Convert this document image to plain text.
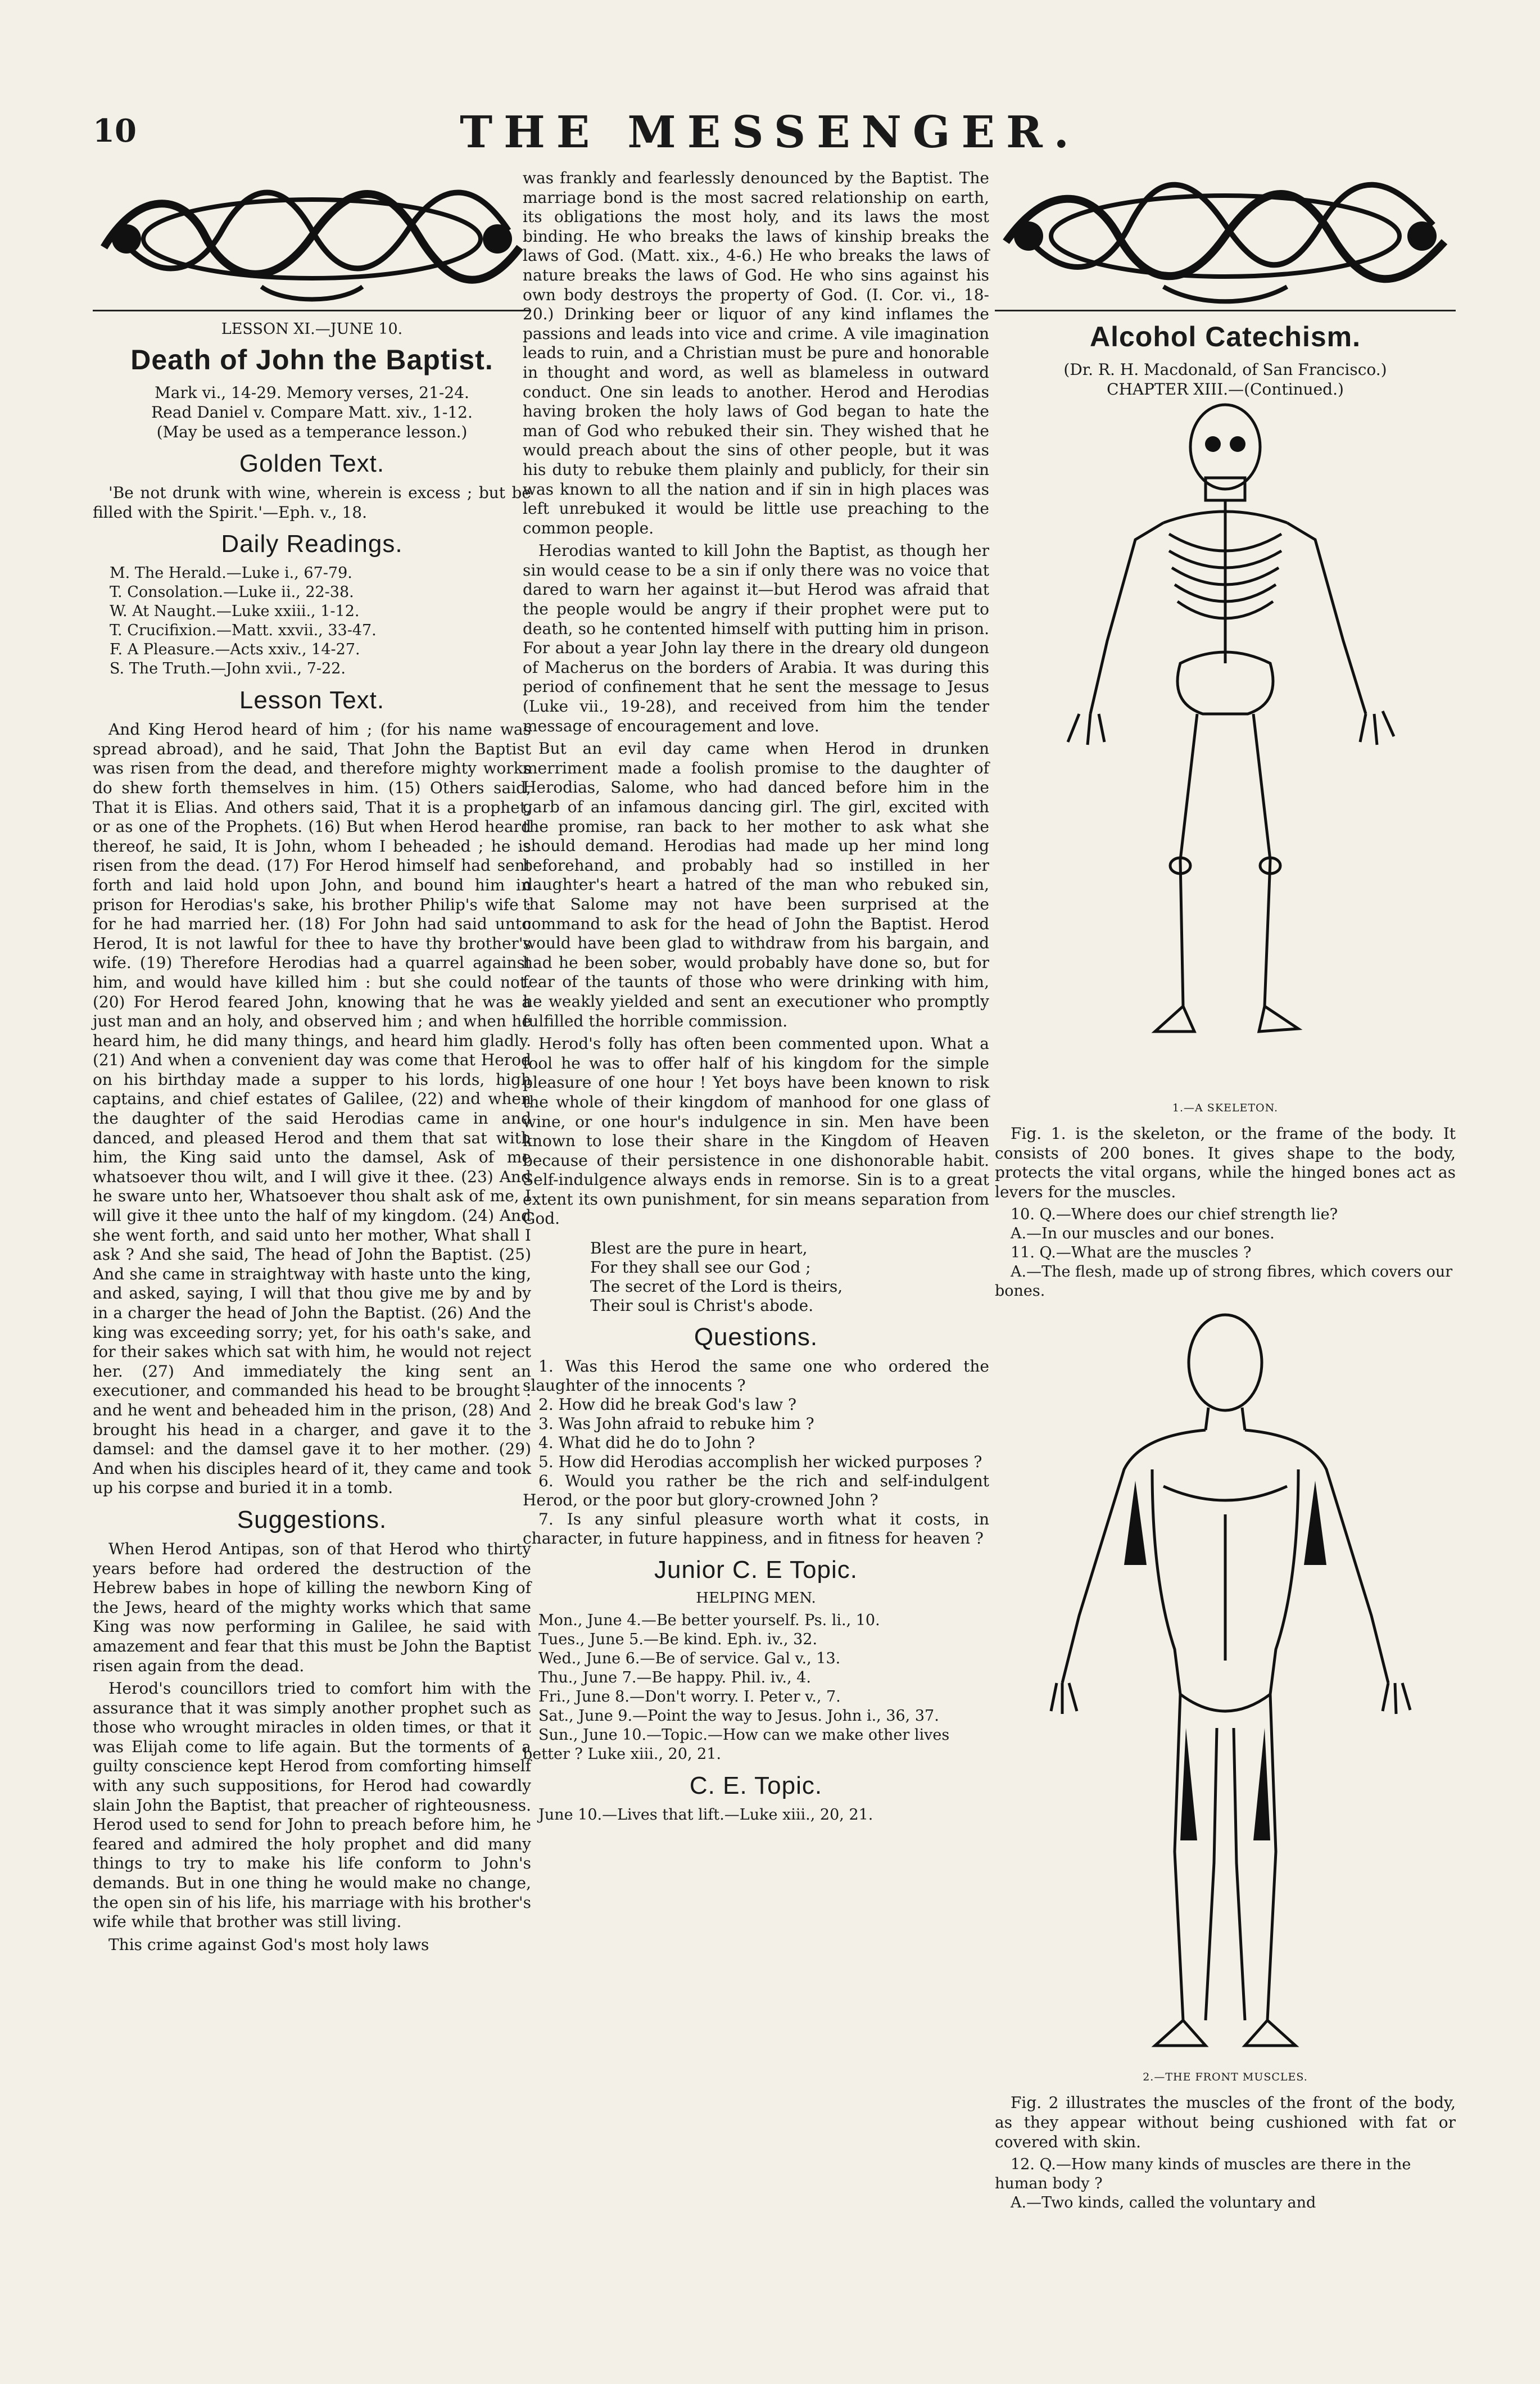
10	THE MESSENGER.
LESSON XI.—JUNE 10.
Death of John the Baptist.
Mark vi., 14-29. Memory verses, 21-24.
Read Daniel v. Compare Matt. xiv., 1-12.
(May be used as a temperance lesson.)
Golden Text.

'Be not drunk with wine, wherein is excess ; but be filled with the Spirit.'—Eph. v., 18.

Daily Readings.
M. The Herald.—Luke i., 67-79.
T. Consolation.—Luke ii., 22-38.
W. At Naught.—Luke xxiii., 1-12.
T. Crucifixion.—Matt. xxvii., 33-47.
F. A Pleasure.—Acts xxiv., 14-27.
S. The Truth.—John xvii., 7-22.
Lesson Text.

And King Herod heard of him ; (for his name was spread abroad), and he said, That John the Baptist was risen from the dead, and therefore mighty works do shew forth themselves in him. (15) Others said, That it is Elias. And others said, That it is a prophet, or as one of the Prophets. (16) But when Herod heard thereof, he said, It is John, whom I beheaded ; he is risen from the dead. (17) For Herod himself had sent forth and laid hold upon John, and bound him in prison for Herodias's sake, his brother Philip's wife : for he had married her. (18) For John had said unto Herod, It is not lawful for thee to have thy brother's wife. (19) Therefore Herodias had a quarrel against him, and would have killed him : but she could not. (20) For Herod feared John, knowing that he was a just man and an holy, and observed him ; and when he heard him, he did many things, and heard him gladly. (21) And when a convenient day was come that Herod on his birthday made a supper to his lords, high captains, and chief estates of Galilee, (22) and when the daughter of the said Herodias came in and danced, and pleased Herod and them that sat with him, the King said unto the damsel, Ask of me whatsoever thou wilt, and I will give it thee. (23) And he sware unto her, Whatsoever thou shalt ask of me, I will give it thee unto the half of my kingdom. (24) And she went forth, and said unto her mother, What shall I ask ? And she said, The head of John the Baptist. (25) And she came in straightway with haste unto the king, and asked, saying, I will that thou give me by and by in a charger the head of John the Baptist. (26) And the king was exceeding sorry; yet, for his oath's sake, and for their sakes which sat with him, he would not reject her. (27) And immediately the king sent an executioner, and commanded his head to be brought : and he went and beheaded him in the prison, (28) And brought his head in a charger, and gave it to the damsel: and the damsel gave it to her mother. (29) And when his disciples heard of it, they came and took up his corpse and buried it in a tomb.

Suggestions.

When Herod Antipas, son of that Herod who thirty years before had ordered the destruction of the Hebrew babes in hope of killing the newborn King of the Jews, heard of the mighty works which that same King was now performing in Galilee, he said with amazement and fear that this must be John the Baptist risen again from the dead.

Herod's councillors tried to comfort him with the assurance that it was simply another prophet such as those who wrought miracles in olden times, or that it was Elijah come to life again. But the torments of a guilty conscience kept Herod from comforting himself with any such suppositions, for Herod had cowardly slain John the Baptist, that preacher of righteousness. Herod used to send for John to preach before him, he feared and admired the holy prophet and did many things to try to make his life conform to John's demands. But in one thing he would make no change, the open sin of his life, his marriage with his brother's wife while that brother was still living.

This crime against God's most holy laws

was frankly and fearlessly denounced by the Baptist. The marriage bond is the most sacred relationship on earth, its obligations the most holy, and its laws the most binding. He who breaks the laws of kinship breaks the laws of God. (Matt. xix., 4-6.) He who breaks the laws of nature breaks the laws of God. He who sins against his own body destroys the property of God. (I. Cor. vi., 18-20.) Drinking beer or liquor of any kind inflames the passions and leads into vice and crime. A vile imagination leads to ruin, and a Christian must be pure and honorable in thought and word, as well as blameless in outward conduct. One sin leads to another. Herod and Herodias having broken the holy laws of God began to hate the man of God who rebuked their sin. They wished that he would preach about the sins of other people, but it was his duty to rebuke them plainly and publicly, for their sin was known to all the nation and if sin in high places was left unrebuked it would be little use preaching to the common people.

Herodias wanted to kill John the Baptist, as though her sin would cease to be a sin if only there was no voice that dared to warn her against it—but Herod was afraid that the people would be angry if their prophet were put to death, so he contented himself with putting him in prison. For about a year John lay there in the dreary old dungeon of Macherus on the borders of Arabia. It was during this period of confinement that he sent the message to Jesus (Luke vii., 19-28), and received from him the tender message of encouragement and love.

But an evil day came when Herod in drunken merriment made a foolish promise to the daughter of Herodias, Salome, who had danced before him in the garb of an infamous dancing girl. The girl, excited with the promise, ran back to her mother to ask what she should demand. Herodias had made up her mind long beforehand, and probably had so instilled in her daughter's heart a hatred of the man who rebuked sin, that Salome may not have been surprised at the command to ask for the head of John the Baptist. Herod would have been glad to withdraw from his bargain, and had he been sober, would probably have done so, but for fear of the taunts of those who were drinking with him, he weakly yielded and sent an executioner who promptly fulfilled the horrible commission.

Herod's folly has often been commented upon. What a fool he was to offer half of his kingdom for the simple pleasure of one hour ! Yet boys have been known to risk the whole of their kingdom of manhood for one glass of wine, or one hour's indulgence in sin. Men have been known to lose their share in the Kingdom of Heaven because of their persistence in one dishonorable habit. Self-indulgence always ends in remorse. Sin is to a great extent its own punishment, for sin means separation from God.

Blest are the pure in heart,
For they shall see our God ;
The secret of the Lord is theirs,
Their soul is Christ's abode.
Questions.
1. Was this Herod the same one who ordered the slaughter of the innocents ?
2. How did he break God's law ?
3. Was John afraid to rebuke him ?
4. What did he do to John ?
5. How did Herodias accomplish her wicked purposes ?
6. Would you rather be the rich and self-indulgent Herod, or the poor but glory-crowned John ?
7. Is any sinful pleasure worth what it costs, in character, in future happiness, and in fitness for heaven ?
Junior C. E Topic.
HELPING MEN.
Mon., June 4.—Be better yourself. Ps. li., 10.
Tues., June 5.—Be kind. Eph. iv., 32.
Wed., June 6.—Be of service. Gal v., 13.
Thu., June 7.—Be happy. Phil. iv., 4.
Fri., June 8.—Don't worry. I. Peter v., 7.
Sat., June 9.—Point the way to Jesus. John i., 36, 37.
Sun., June 10.—Topic.—How can we make other lives better ? Luke xiii., 20, 21.
C. E. Topic.
June 10.—Lives that lift.—Luke xiii., 20, 21.
Alcohol Catechism.
(Dr. R. H. Macdonald, of San Francisco.)
CHAPTER XIII.—(Continued.)
1.—A SKELETON.

Fig. 1. is the skeleton, or the frame of the body. It consists of 200 bones. It gives shape to the body, protects the vital organs, while the hinged bones act as levers for the muscles.

10. Q.—Where does our chief strength lie?
A.—In our muscles and our bones.
11. Q.—What are the muscles ?
A.—The flesh, made up of strong fibres, which covers our bones.
2.—THE FRONT MUSCLES.

Fig. 2 illustrates the muscles of the front of the body, as they appear without being cushioned with fat or covered with skin.

12. Q.—How many kinds of muscles are there in the human body ?
A.—Two kinds, called the voluntary and
